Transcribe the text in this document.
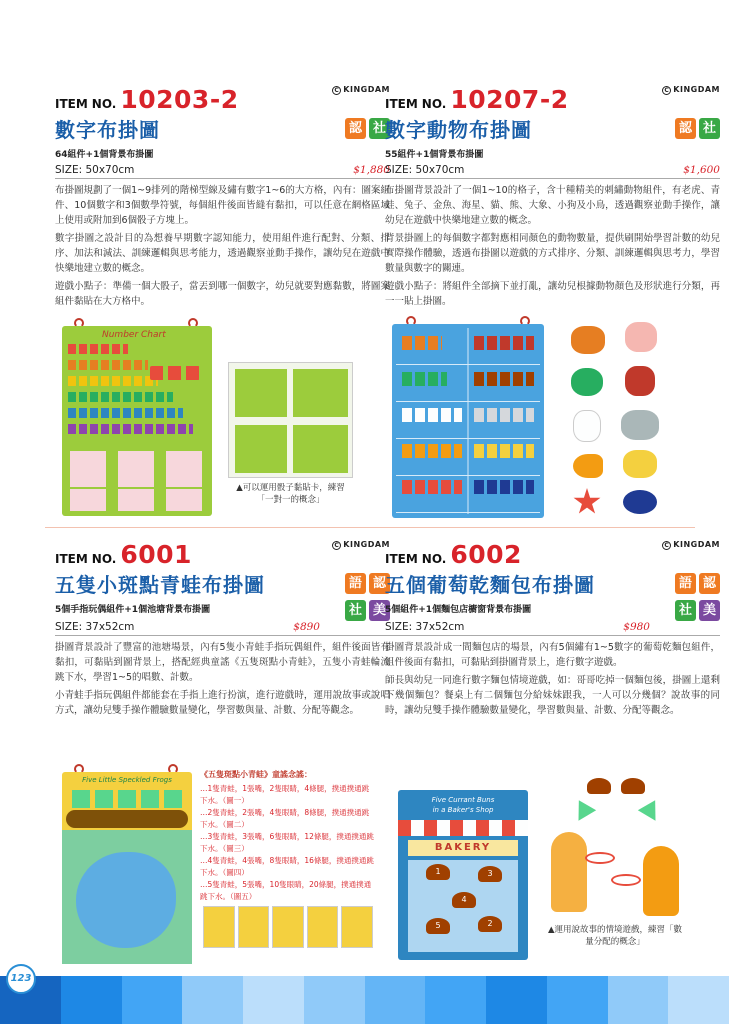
C KINGDAM
ITEM NO. 10203-2
數字布掛圖	認 社
64組件+1個背景布掛圖
SIZE: 50x70cm	$1,880

布掛圖規劃了一個1~9排列的階梯型線及繡有數字1~6的大方格，內有：圖案組件、10個數字和3個數學符號，每個組件後面皆縫有黏扣，可以任意在網格區域上使用或附加到6個骰子方塊上。

數字掛圖之設計目的為想養早期數字認知能力，使用組件進行配對、分類、排序、加法和減法、訓練邏輯與思考能力，透過觀察並動手操作，讓幼兒在遊戲中快樂地建立數的概念。

遊戲小點子：準備一個大骰子，當丟到哪一個數字，幼兒就要對應黏數，將圖案組件黏貼在大方格中。

Number Chart
▲可以運用骰子黏貼卡，練習「一對一的概念」
C KINGDAM
ITEM NO. 10207-2
數字動物布掛圖	認 社
55組件+1個背景布掛圖
SIZE: 50x70cm	$1,600

布掛圖背景設計了一個1~10的格子，含十種精美的刺繡動物組件，有老虎、青蛙、兔子、金魚、海星、貓、熊、大象、小狗及小鳥，透過觀察並動手操作，讓幼兒在遊戲中快樂地建立數的概念。

背景掛圖上的每個數字都對應相同顏色的動物數量，提供刷開始學習計數的幼兒實際操作體驗，透過布掛圖以遊戲的方式排序、分類、訓練邏輯與思考力，學習數量與數字的關連。

遊戲小點子：將組件全部摘下並打亂，讓幼兒根據動物顏色及形狀進行分類，再一一貼上掛圖。

C KINGDAM
ITEM NO. 6001
五隻小斑點青蛙布掛圖	語 認
5個手指玩偶組件+1個池塘背景布掛圖	社 美
SIZE: 37x52cm	$890

掛圖背景設計了豐富的池塘場景，內有5隻小青蛙手指玩偶組件，組件後面皆有黏扣，可黏貼到圖背景上，搭配經典童謠《五隻斑點小青蛙》，五隻小青蛙輪流跳下水，學習1~5的唱數、計數。

小青蛙手指玩偶組件都能套在手指上進行扮演，進行遊戲時，運用說故事或說唱方式，讓幼兒雙手操作體驗數量變化，學習數與量、計數、分配等觀念。

Five Little Speckled Frogs
《五隻斑點小青蛙》童謠念謠：
…1隻青蛙，1張嘴，2隻眼睛，4條腿，撲通撲通跳下水。（圖一）
…2隻青蛙，2張嘴，4隻眼睛，8條腿，撲通撲通跳下水。（圖二）
…3隻青蛙，3張嘴，6隻眼睛，12條腿，撲通撲通跳下水。（圖三）
…4隻青蛙，4張嘴，8隻眼睛，16條腿，撲通撲通跳下水。（圖四）
…5隻青蛙，5張嘴，10隻眼睛，20條腿，撲通撲通跳下水。（圖五）
C KINGDAM
ITEM NO. 6002
五個葡萄乾麵包布掛圖	語 認
5個組件+1個麵包店櫥窗背景布掛圖	社 美
SIZE: 37x52cm	$980

掛圖背景設計成一間麵包店的場景，內有5個繡有1~5數字的葡萄乾麵包組件，組件後面有黏扣，可黏貼到掛圖背景上，進行數字遊戲。

師長與幼兒一同進行數字麵包情境遊戲，如：哥哥吃掉一個麵包後，掛圖上還剩下幾個麵包？餐桌上有二個麵包分給妹妹跟我，一人可以分幾個？說故事的同時，讓幼兒雙手操作體驗數量變化，學習數與量、計數、分配等觀念。

Five Currant Buns
in a Baker's Shop
BAKERY
1	3
4
5	2
▲運用說故事的情境遊戲，練習「數量分配的概念」
123
